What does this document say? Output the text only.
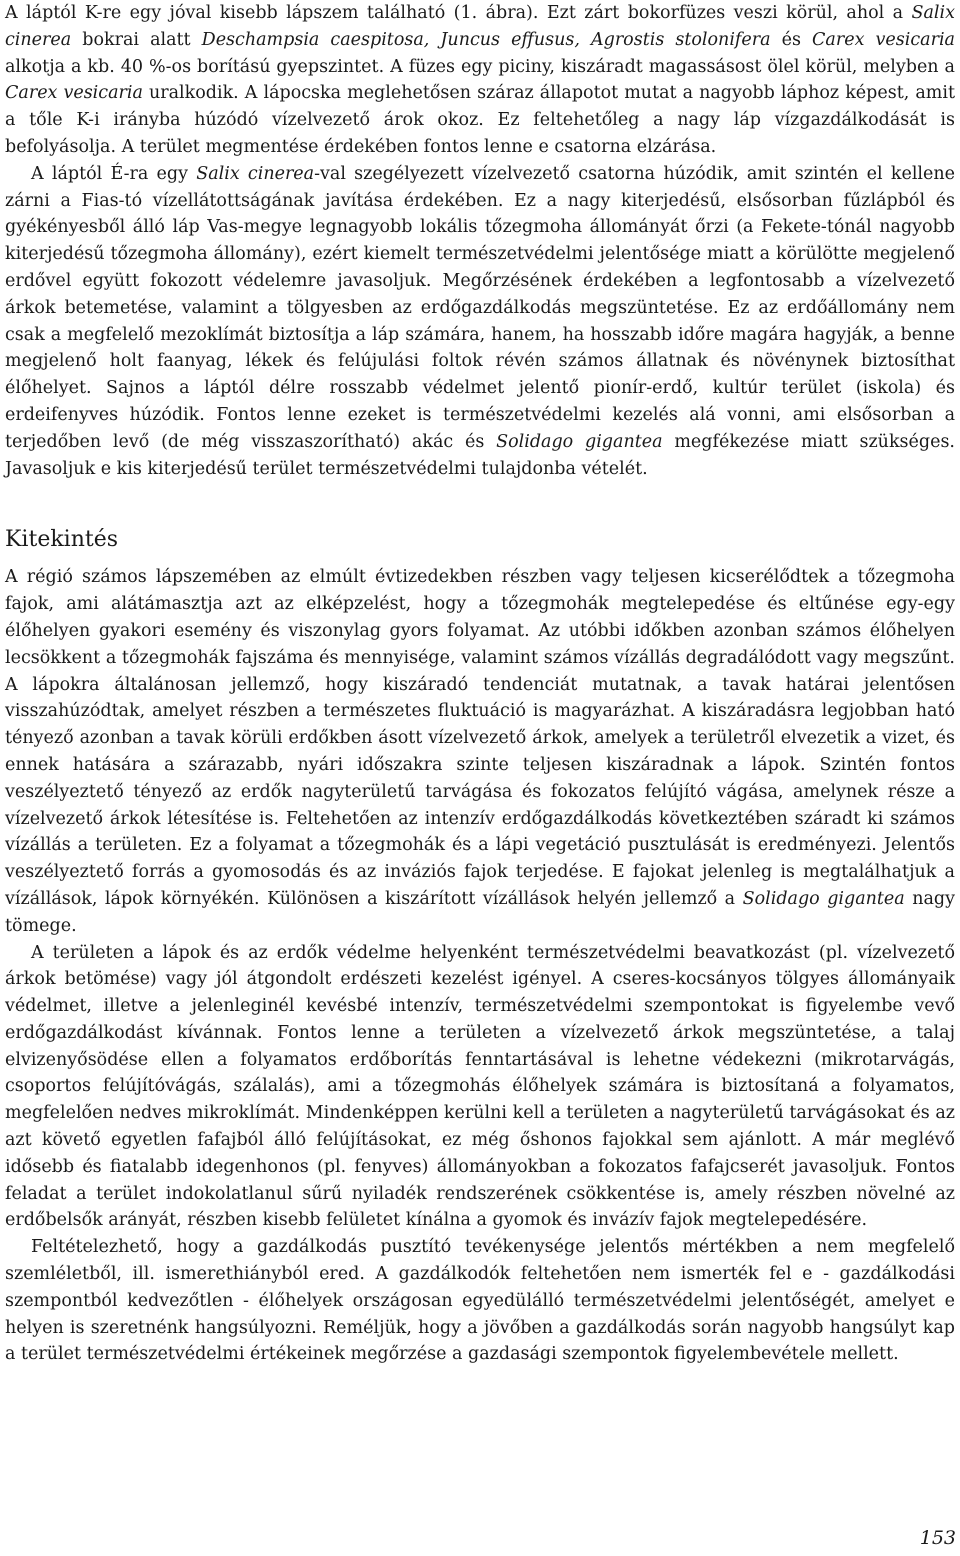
A láptól K-re egy jóval kisebb lápszem található (1. ábra). Ezt zárt bokorfüzes veszi körül, ahol a Salix cinerea bokrai alatt Deschampsia caespitosa, Juncus effusus, Agrostis stolonifera és Carex vesicaria alkotja a kb. 40 %-os borítású gyepszintet. A füzes egy piciny, kiszáradt magassásost ölel körül, melyben a Carex vesicaria uralkodik. A lápocska meglehetősen száraz állapotot mutat a nagyobb láphoz képest, amit a tőle K-i irányba húzódó vízelvezető árok okoz. Ez feltehetőleg a nagy láp vízgazdálkodását is befolyásolja. A terület megmentése érdekében fontos lenne e csatorna elzárása.

A láptól É-ra egy Salix cinerea-val szegélyezett vízelvezető csatorna húzódik, amit szintén el kellene zárni a Fias-tó vízellátottságának javítása érdekében. Ez a nagy kiterjedésű, elsősorban fűzlápból és gyékényesből álló láp Vas-megye legnagyobb lokális tőzegmoha állományát őrzi (a Fekete-tónál nagyobb kiterjedésű tőzegmoha állomány), ezért kiemelt természetvédelmi jelentősége miatt a körülötte megjelenő erdővel együtt fokozott védelemre javasoljuk. Megőrzésének érdekében a legfontosabb a vízelvezető árkok betemetése, valamint a tölgyesben az erdőgazdálkodás megszüntetése. Ez az erdőállomány nem csak a megfelelő mezoklímát biztosítja a láp számára, hanem, ha hosszabb időre magára hagyják, a benne megjelenő holt faanyag, lékek és felújulási foltok révén számos állatnak és növénynek biztosíthat élőhelyet. Sajnos a láptól délre rosszabb védelmet jelentő pionír-erdő, kultúr terület (iskola) és erdeifenyves húzódik. Fontos lenne ezeket is természetvédelmi kezelés alá vonni, ami elsősorban a terjedőben levő (de még visszaszorítható) akác és Solidago gigantea megfékezése miatt szükséges. Javasoljuk e kis kiterjedésű terület természetvédelmi tulajdonba vételét.

Kitekintés

A régió számos lápszemében az elmúlt évtizedekben részben vagy teljesen kicserélődtek a tőzegmoha fajok, ami alátámasztja azt az elképzelést, hogy a tőzegmohák megtelepedése és eltűnése egy-egy élőhelyen gyakori esemény és viszonylag gyors folyamat. Az utóbbi időkben azonban számos élőhelyen lecsökkent a tőzegmohák fajszáma és mennyisége, valamint számos vízállás degradálódott vagy megszűnt. A lápokra általánosan jellemző, hogy kiszáradó tendenciát mutatnak, a tavak határai jelentősen visszahúzódtak, amelyet részben a természetes fluktuáció is magyarázhat. A kiszáradásra legjobban ható tényező azonban a tavak körüli erdőkben ásott vízelvezető árkok, amelyek a területről elvezetik a vizet, és ennek hatására a szárazabb, nyári időszakra szinte teljesen kiszáradnak a lápok. Szintén fontos veszélyeztető tényező az erdők nagyterületű tarvágása és fokozatos felújító vágása, amelynek része a vízelvezető árkok létesítése is. Feltehetően az intenzív erdőgazdálkodás következtében száradt ki számos vízállás a területen. Ez a folyamat a tőzegmohák és a lápi vegetáció pusztulását is eredményezi. Jelentős veszélyeztető forrás a gyomosodás és az inváziós fajok terjedése. E fajokat jelenleg is megtalálhatjuk a vízállások, lápok környékén. Különösen a kiszárított vízállások helyén jellemző a Solidago gigantea nagy tömege.

A területen a lápok és az erdők védelme helyenként természetvédelmi beavatkozást (pl. vízelvezető árkok betömése) vagy jól átgondolt erdészeti kezelést igényel. A cseres-kocsányos tölgyes állományaik védelmet, illetve a jelenleginél kevésbé intenzív, természetvédelmi szempontokat is figyelembe vevő erdőgazdálkodást kívánnak. Fontos lenne a területen a vízelvezető árkok megszüntetése, a talaj elvizenyősödése ellen a folyamatos erdőborítás fenntartásával is lehetne védekezni (mikrotarvágás, csoportos felújítóvágás, szálalás), ami a tőzegmohás élőhelyek számára is biztosítaná a folyamatos, megfelelően nedves mikroklímát. Mindenképpen kerülni kell a területen a nagyterületű tarvágásokat és az azt követő egyetlen fafajból álló felújításokat, ez még őshonos fajokkal sem ajánlott. A már meglévő idősebb és fiatalabb idegenhonos (pl. fenyves) állományokban a fokozatos fafajcserét javasoljuk. Fontos feladat a terület indokolatlanul sűrű nyiladék rendszerének csökkentése is, amely részben növelné az erdőbelsők arányát, részben kisebb felületet kínálna a gyomok és invázív fajok megtelepedésére.

Feltételezhető, hogy a gazdálkodás pusztító tevékenysége jelentős mértékben a nem megfelelő szemléletből, ill. ismerethiányból ered. A gazdálkodók feltehetően nem ismerték fel e - gazdálkodási szempontból kedvezőtlen - élőhelyek országosan egyedülálló természetvédelmi jelentőségét, amelyet e helyen is szeretnénk hangsúlyozni. Reméljük, hogy a jövőben a gazdálkodás során nagyobb hangsúlyt kap a terület természetvédelmi értékeinek megőrzése a gazdasági szempontok figyelembevétele mellett.

153
